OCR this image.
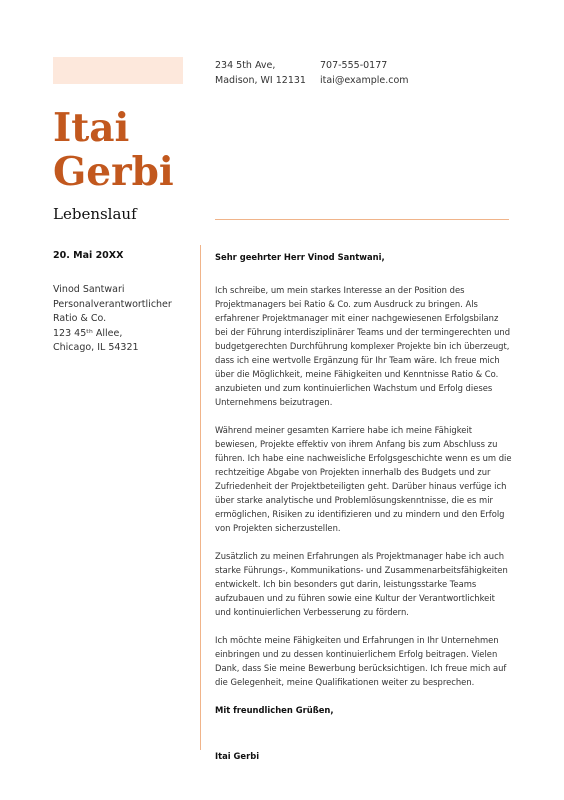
234 5th Ave,
Madison, WI 12131
707-555-0177
itai@example.com
Itai
Gerbi
Lebenslauf
20. Mai 20XX
Vinod Santwari
Personalverantwortlicher
Ratio & Co.
123 45ᵗʰ Allee,
Chicago, IL 54321

Sehr geehrter Herr Vinod Santwani,

Ich schreibe, um mein starkes Interesse an der Position des Projektmanagers bei Ratio & Co. zum Ausdruck zu bringen. Als erfahrener Projektmanager mit einer nachgewiesenen Erfolgsbilanz bei der Führung interdisziplinärer Teams und der termingerechten und budgetgerechten Durchführung komplexer Projekte bin ich überzeugt, dass ich eine wertvolle Ergänzung für Ihr Team wäre. Ich freue mich über die Möglichkeit, meine Fähigkeiten und Kenntnisse Ratio & Co. anzubieten und zum kontinuierlichen Wachstum und Erfolg dieses Unternehmens beizutragen.

Während meiner gesamten Karriere habe ich meine Fähigkeit bewiesen, Projekte effektiv von ihrem Anfang bis zum Abschluss zu führen. Ich habe eine nachweisliche Erfolgsgeschichte wenn es um die rechtzeitige Abgabe von Projekten innerhalb des Budgets und zur Zufriedenheit der Projektbeteiligten geht. Darüber hinaus verfüge ich über starke analytische und Problemlösungskenntnisse, die es mir ermöglichen, Risiken zu identifizieren und zu mindern und den Erfolg von Projekten sicherzustellen.

Zusätzlich zu meinen Erfahrungen als Projektmanager habe ich auch starke Führungs-, Kommunikations- und Zusammenarbeitsfähigkeiten entwickelt. Ich bin besonders gut darin, leistungsstarke Teams aufzubauen und zu führen sowie eine Kultur der Verantwortlichkeit und kontinuierlichen Verbesserung zu fördern.

Ich möchte meine Fähigkeiten und Erfahrungen in Ihr Unternehmen einbringen und zu dessen kontinuierlichem Erfolg beitragen. Vielen Dank, dass Sie meine Bewerbung berücksichtigen. Ich freue mich auf die Gelegenheit, meine Qualifikationen weiter zu besprechen.

Mit freundlichen Grüßen,

Itai Gerbi
